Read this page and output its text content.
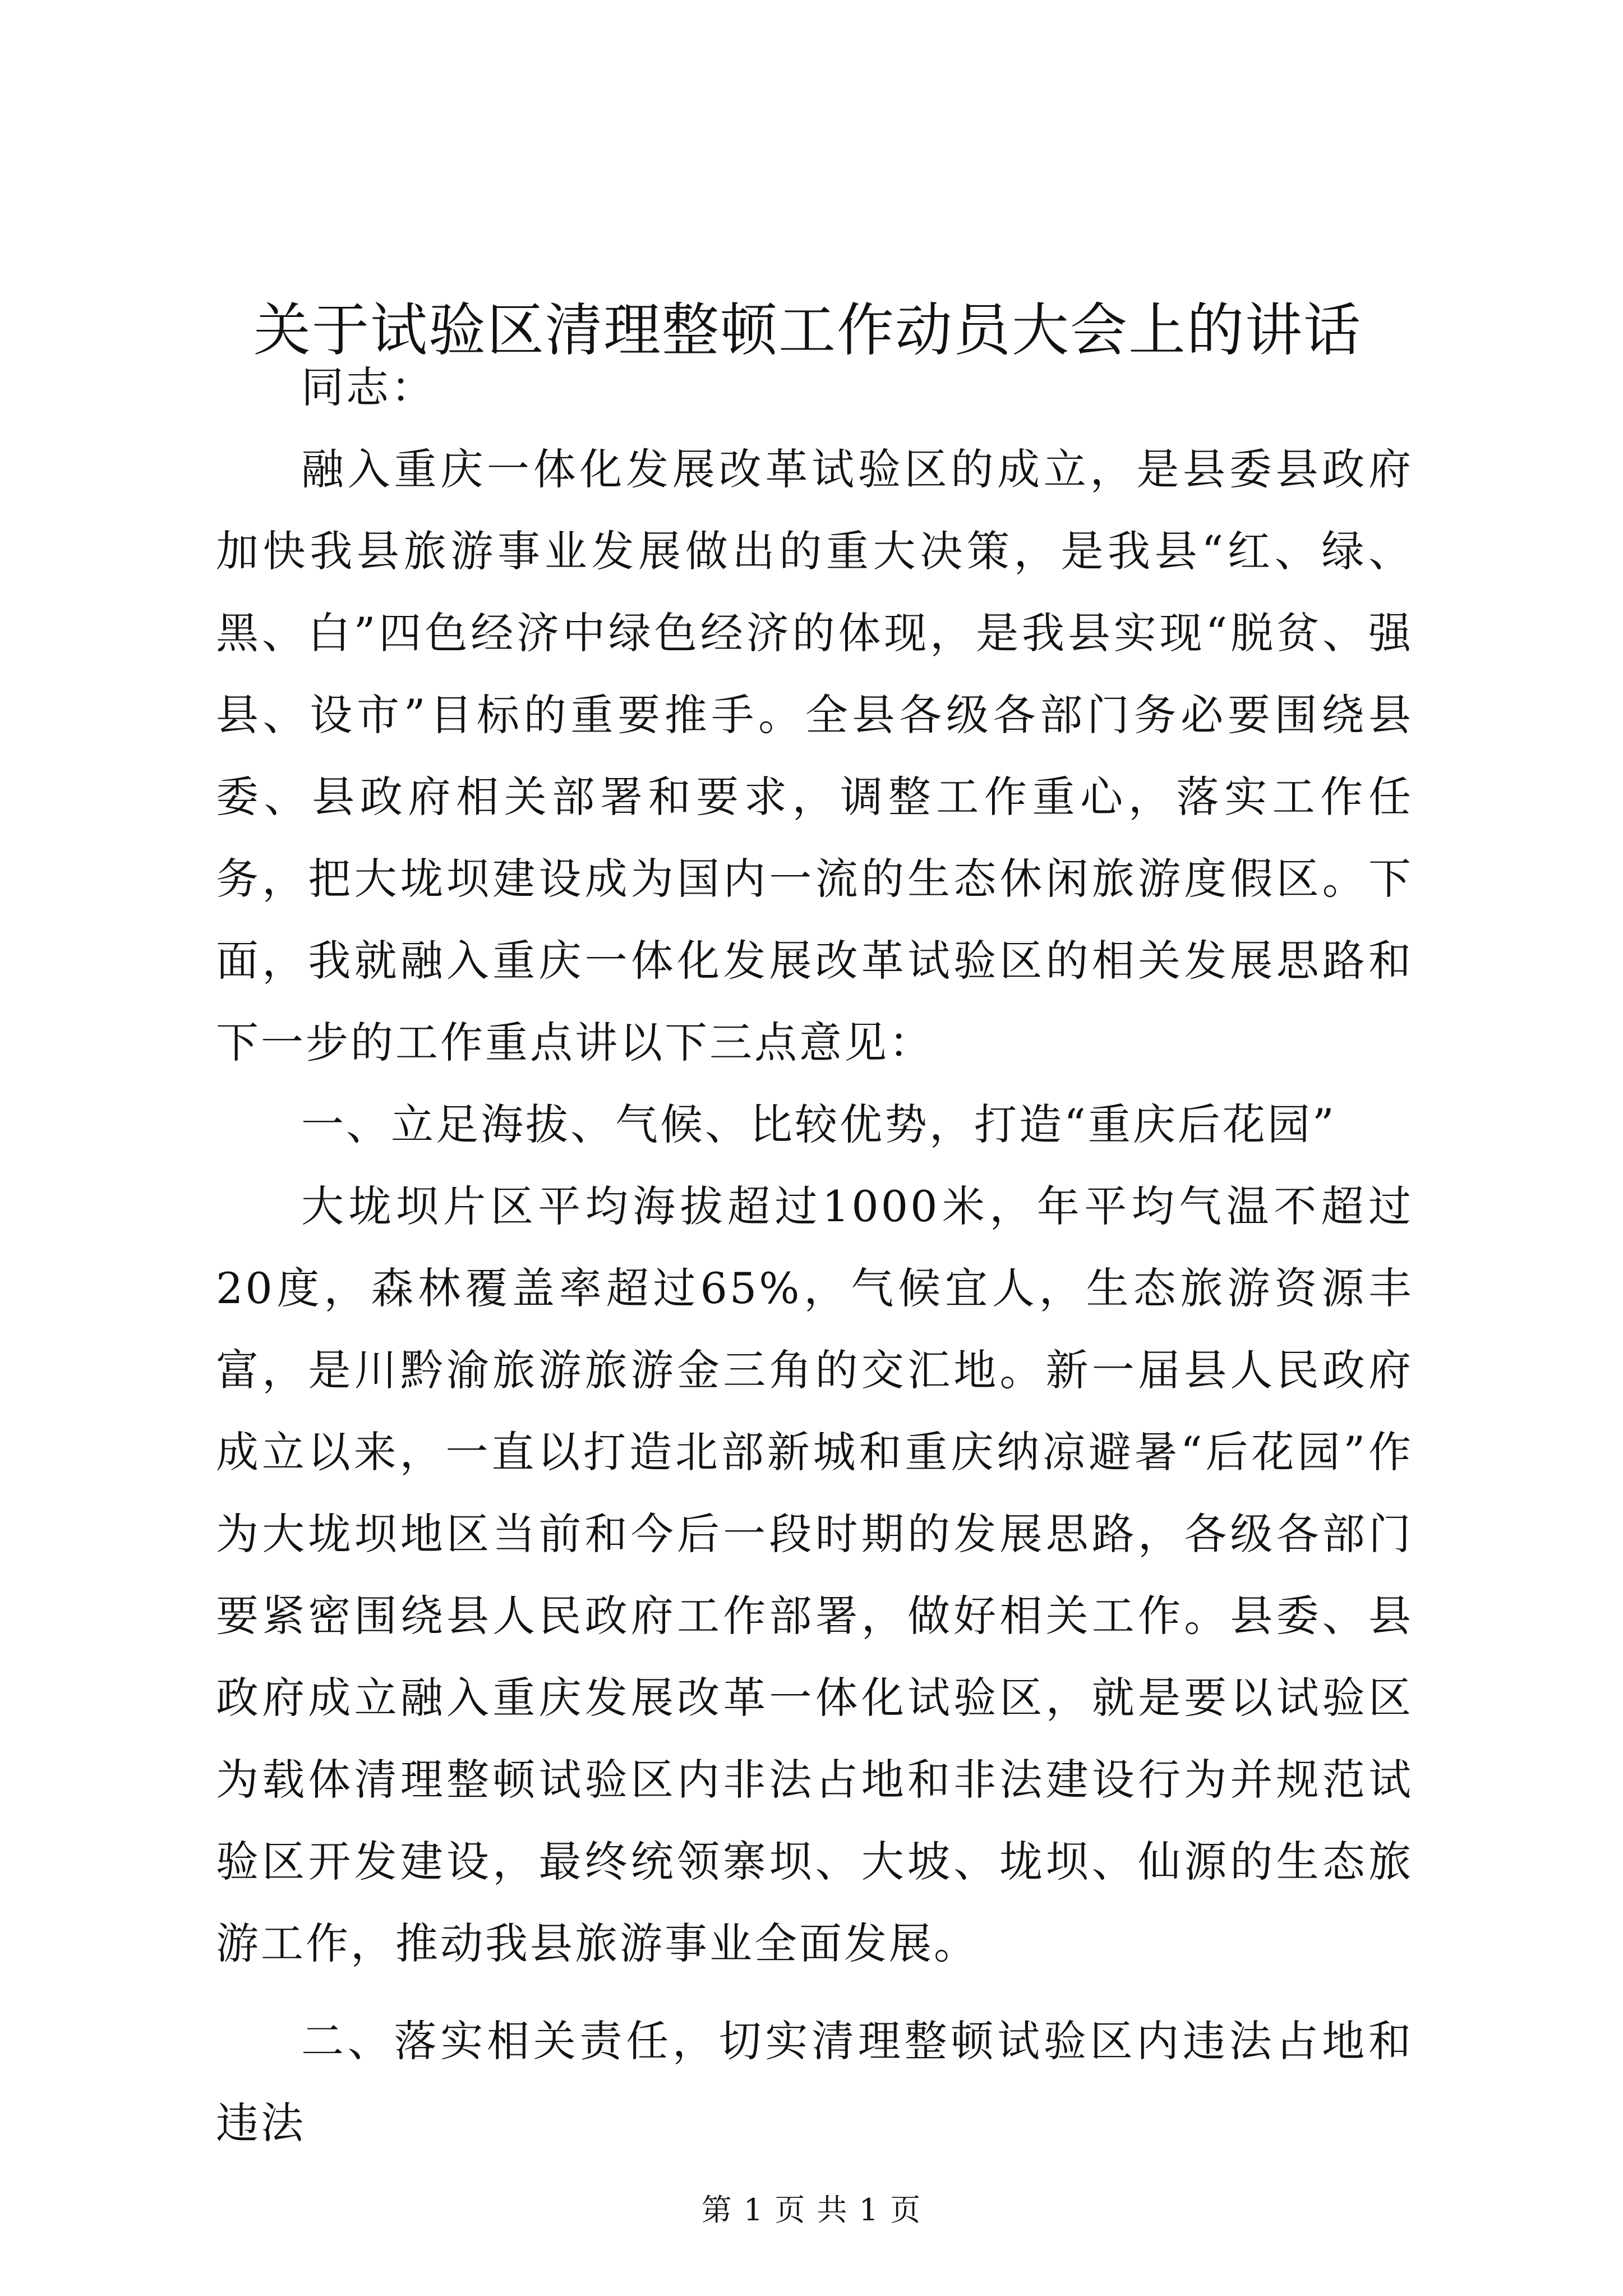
关于试验区清理整顿工作动员大会上的讲话

同志：

融入重庆一体化发展改革试验区的成立，是县委县政府加快我县旅游事业发展做出的重大决策，是我县“红、绿、黑、白”四色经济中绿色经济的体现，是我县实现“脱贫、强县、设市”目标的重要推手。全县各级各部门务必要围绕县委、县政府相关部署和要求，调整工作重心，落实工作任务，把大垅坝建设成为国内一流的生态休闲旅游度假区。下面，我就融入重庆一体化发展改革试验区的相关发展思路和下一步的工作重点讲以下三点意见：

一、立足海拔、气候、比较优势，打造“重庆后花园”

大垅坝片区平均海拔超过1000米，年平均气温不超过20度，森林覆盖率超过65%，气候宜人，生态旅游资源丰富，是川黔渝旅游旅游金三角的交汇地。新一届县人民政府成立以来，一直以打造北部新城和重庆纳凉避暑“后花园”作为大垅坝地区当前和今后一段时期的发展思路，各级各部门要紧密围绕县人民政府工作部署，做好相关工作。县委、县政府成立融入重庆发展改革一体化试验区，就是要以试验区为载体清理整顿试验区内非法占地和非法建设行为并规范试验区开发建设，最终统领寨坝、大坡、垅坝、仙源的生态旅游工作，推动我县旅游事业全面发展。

二、落实相关责任，切实清理整顿试验区内违法占地和违法

第 1 页 共 1 页
